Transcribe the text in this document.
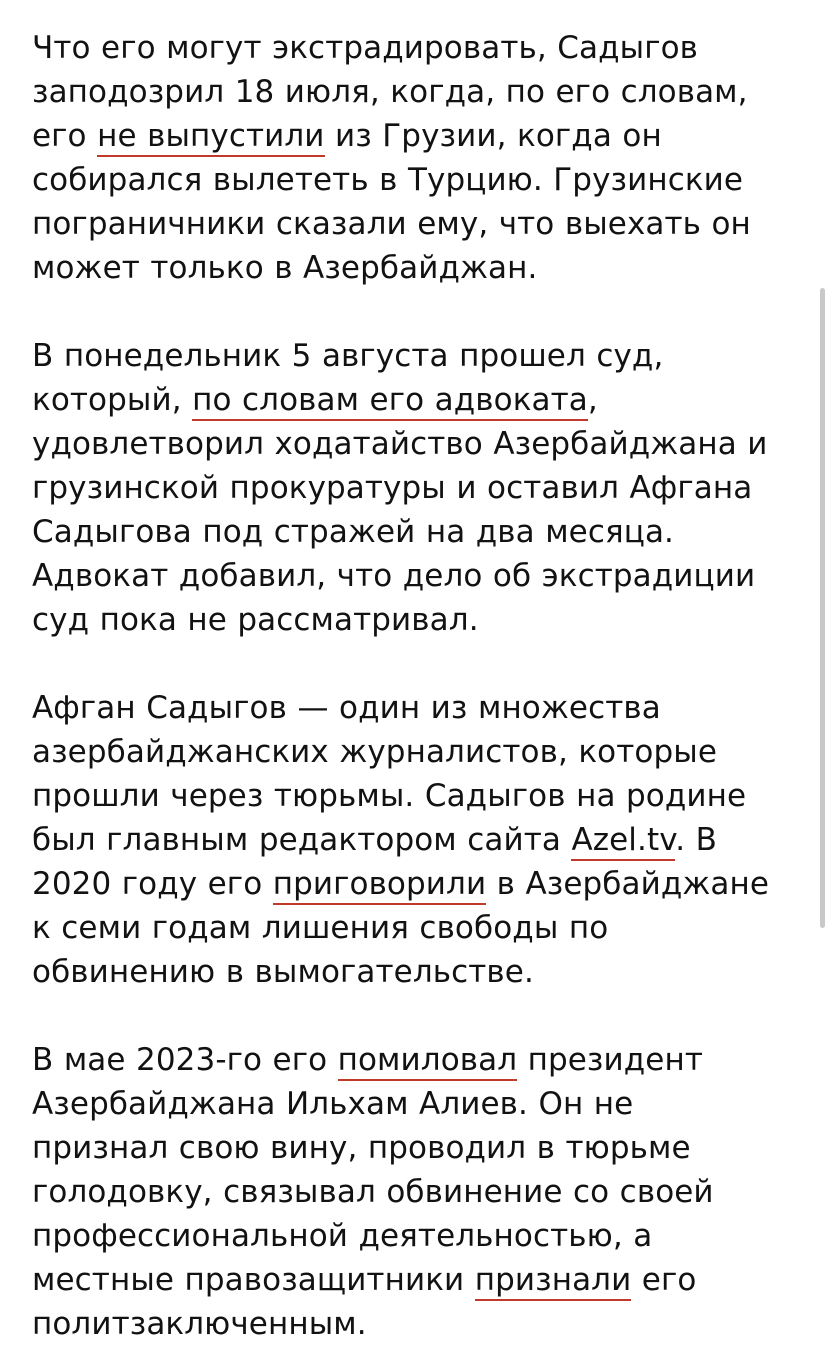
Что его могут экстрадировать, Садыгов заподозрил 18 июля, когда, по его словам, его не выпустили из Грузии, когда он собирался вылететь в Турцию. Грузинские пограничники сказали ему, что выехать он может только в Азербайджан.

В понедельник 5 августа прошел суд, который, по словам его адвоката, удовлетворил ходатайство Азербайджана и грузинской прокуратуры и оставил Афгана Садыгова под стражей на два месяца. Адвокат добавил, что дело об экстрадиции суд пока не рассматривал.

Афган Садыгов — один из множества азербайджанских журналистов, которые прошли через тюрьмы. Садыгов на родине был главным редактором сайта Azel.tv. В 2020 году его приговорили в Азербайджане к семи годам лишения свободы по обвинению в вымогательстве.

В мае 2023-го его помиловал президент Азербайджана Ильхам Алиев. Он не признал свою вину, проводил в тюрьме голодовку, связывал обвинение со своей профессиональной деятельностью, а местные правозащитники признали его политзаключенным.
